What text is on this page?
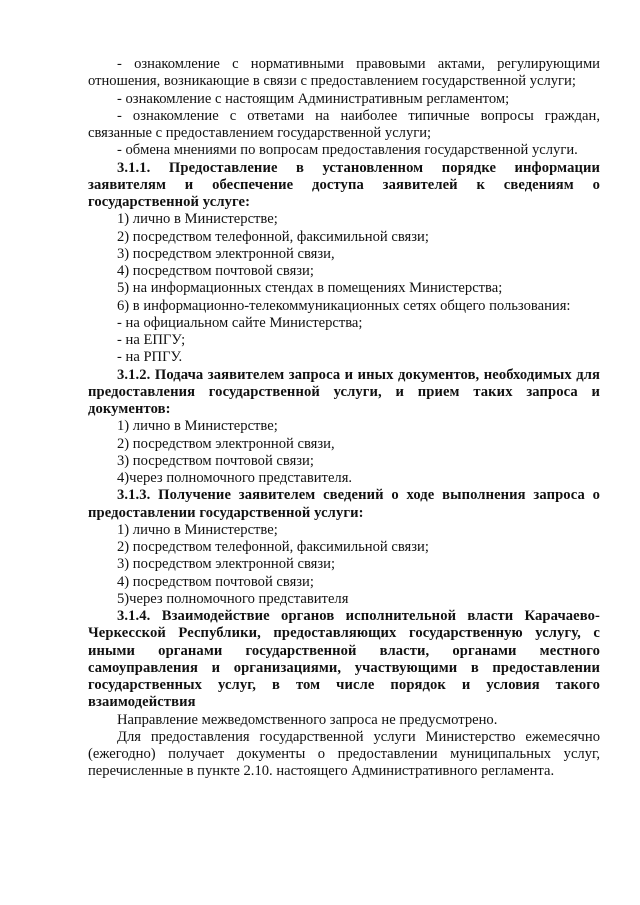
- ознакомление с нормативными правовыми актами, регулирующими отношения, возникающие в связи с предоставлением государственной услуги;

- ознакомление с настоящим Административным регламентом;

- ознакомление с ответами на наиболее типичные вопросы граждан, связанные с предоставлением государственной услуги;

- обмена мнениями по вопросам предоставления государственной услуги.

3.1.1. Предоставление в установленном порядке информации заявителям и обеспечение доступа заявителей к сведениям о государственной услуге:

1) лично в Министерстве;

2) посредством телефонной, факсимильной связи;

3) посредством электронной связи,

4) посредством почтовой связи;

5) на информационных стендах в помещениях Министерства;

6) в информационно-телекоммуникационных сетях общего пользования:

- на официальном сайте Министерства;

- на ЕПГУ;

- на РПГУ.

3.1.2. Подача заявителем запроса и иных документов, необходимых для предоставления государственной услуги, и прием таких запроса и документов:

1) лично в Министерстве;

2) посредством электронной связи,

3) посредством почтовой связи;

4)через полномочного представителя.

3.1.3. Получение заявителем сведений о ходе выполнения запроса о предоставлении государственной услуги:

1) лично в Министерстве;

2) посредством телефонной, факсимильной связи;

3) посредством электронной связи;

4) посредством почтовой связи;

5)через полномочного представителя

3.1.4. Взаимодействие органов исполнительной власти Карачаево-Черкесской Республики, предоставляющих государственную услугу, с иными органами государственной власти, органами местного самоуправления и организациями, участвующими в предоставлении государственных услуг, в том числе порядок и условия такого взаимодействия

Направление межведомственного запроса не предусмотрено.

Для предоставления государственной услуги Министерство ежемесячно (ежегодно) получает документы о предоставлении муниципальных услуг, перечисленные в пункте 2.10. настоящего Административного регламента.
